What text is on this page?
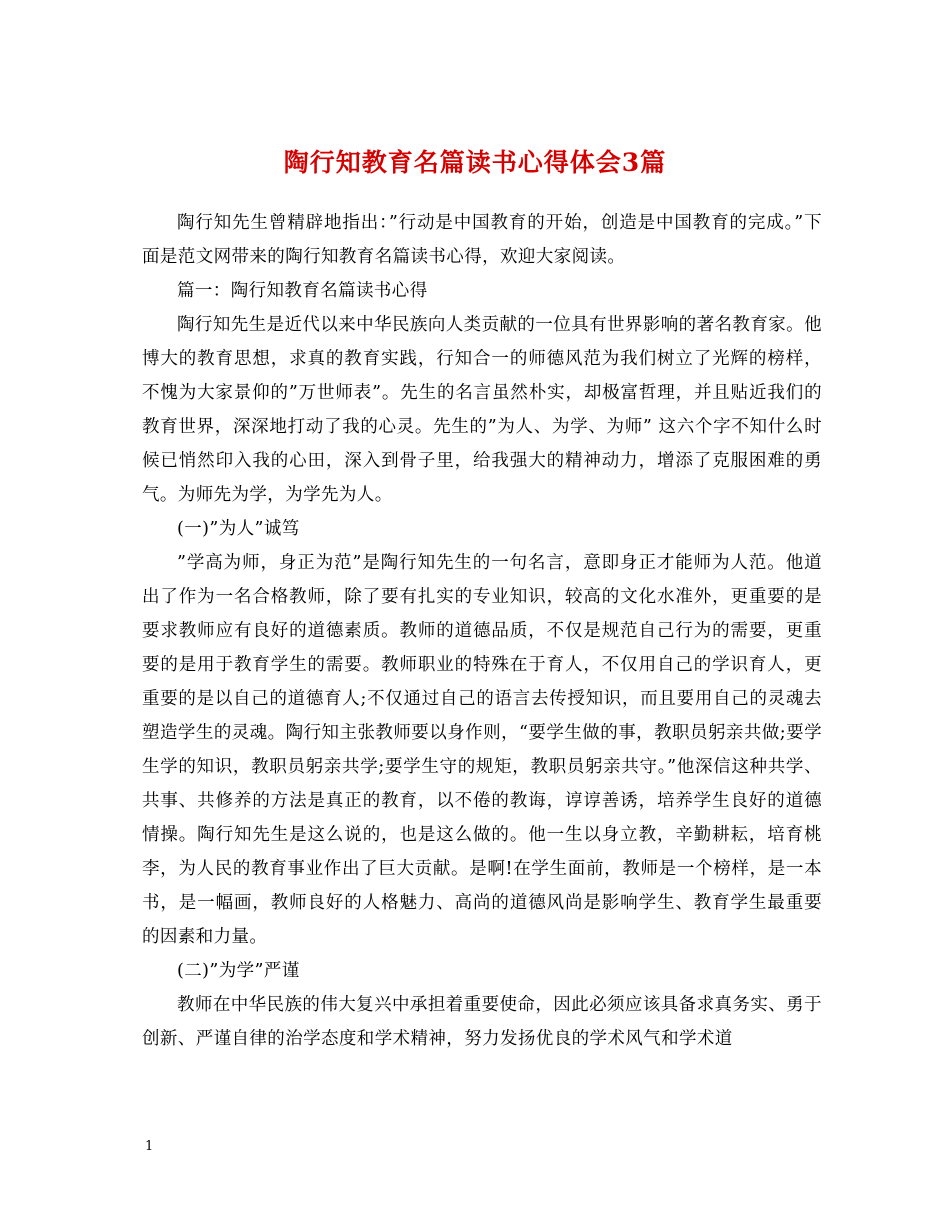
陶行知教育名篇读书心得体会3篇

陶行知先生曾精辟地指出：”行动是中国教育的开始，创造是中国教育的完成。”下面是范文网带来的陶行知教育名篇读书心得，欢迎大家阅读。

篇一：陶行知教育名篇读书心得

陶行知先生是近代以来中华民族向人类贡献的一位具有世界影响的著名教育家。他博大的教育思想，求真的教育实践，行知合一的师德风范为我们树立了光辉的榜样，不愧为大家景仰的”万世师表”。先生的名言虽然朴实，却极富哲理，并且贴近我们的教育世界，深深地打动了我的心灵。先生的”为人、为学、为师” 这六个字不知什么时候已悄然印入我的心田，深入到骨子里，给我强大的精神动力，增添了克服困难的勇气。为师先为学，为学先为人。

(一)”为人”诚笃

”学高为师，身正为范”是陶行知先生的一句名言，意即身正才能师为人范。他道出了作为一名合格教师，除了要有扎实的专业知识，较高的文化水准外，更重要的是要求教师应有良好的道德素质。教师的道德品质，不仅是规范自己行为的需要，更重要的是用于教育学生的需要。教师职业的特殊在于育人，不仅用自己的学识育人，更重要的是以自己的道德育人;不仅通过自己的语言去传授知识，而且要用自己的灵魂去塑造学生的灵魂。陶行知主张教师要以身作则，“要学生做的事，教职员躬亲共做;要学生学的知识，教职员躬亲共学;要学生守的规矩，教职员躬亲共守。”他深信这种共学、共事、共修养的方法是真正的教育，以不倦的教诲，谆谆善诱，培养学生良好的道德情操。陶行知先生是这么说的，也是这么做的。他一生以身立教，辛勤耕耘，培育桃李，为人民的教育事业作出了巨大贡献。是啊!在学生面前，教师是一个榜样，是一本书，是一幅画，教师良好的人格魅力、高尚的道德风尚是影响学生、教育学生最重要的因素和力量。

(二)”为学”严谨

教师在中华民族的伟大复兴中承担着重要使命，因此必须应该具备求真务实、勇于创新、严谨自律的治学态度和学术精神，努力发扬优良的学术风气和学术道

1
